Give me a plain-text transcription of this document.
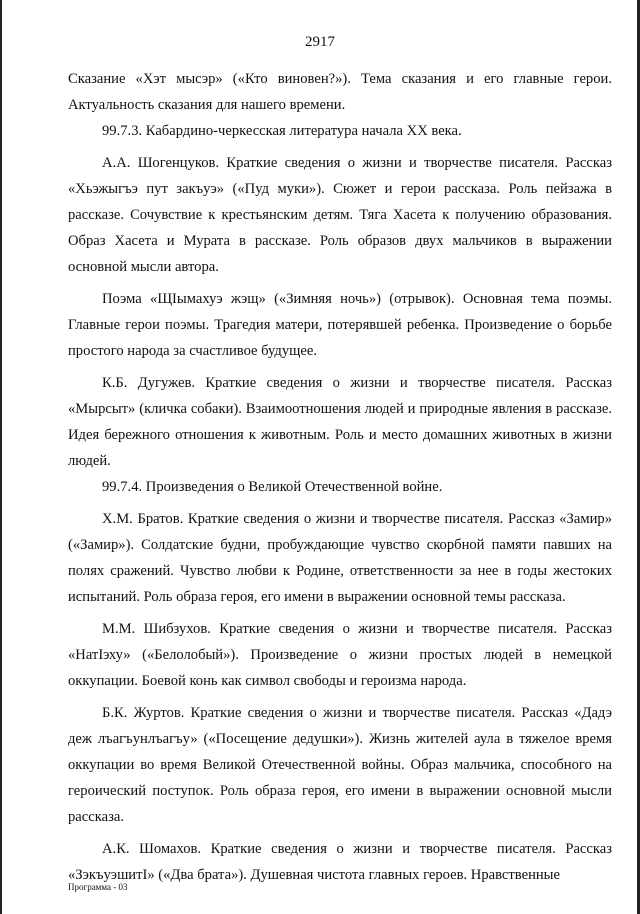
2917

Сказание «Хэт мысэр» («Кто виновен?»). Тема сказания и его главные герои. Актуальность сказания для нашего времени.

99.7.3. Кабардино-черкесская литература начала XX века.

А.А. Шогенцуков. Краткие сведения о жизни и творчестве писателя. Рассказ «Хьэжыгъэ пут закъуэ» («Пуд муки»). Сюжет и герои рассказа. Роль пейзажа в рассказе. Сочувствие к крестьянским детям. Тяга Хасета к получению образования. Образ Хасета и Мурата в рассказе. Роль образов двух мальчиков в выражении основной мысли автора.

Поэма «ЩIымахуэ жэщ» («Зимняя ночь») (отрывок). Основная тема поэмы. Главные герои поэмы. Трагедия матери, потерявшей ребенка. Произведение о борьбе простого народа за счастливое будущее.

К.Б. Дугужев. Краткие сведения о жизни и творчестве писателя. Рассказ «Мырсыт» (кличка собаки). Взаимоотношения людей и природные явления в рассказе. Идея бережного отношения к животным. Роль и место домашних животных в жизни людей.

99.7.4. Произведения о Великой Отечественной войне.

Х.М. Братов. Краткие сведения о жизни и творчестве писателя. Рассказ «Замир» («Замир»). Солдатские будни, пробуждающие чувство скорбной памяти павших на полях сражений. Чувство любви к Родине, ответственности за нее в годы жестоких испытаний. Роль образа героя, его имени в выражении основной темы рассказа.

М.М. Шибзухов. Краткие сведения о жизни и творчестве писателя. Рассказ «НатIэху» («Белолобый»). Произведение о жизни простых людей в немецкой оккупации. Боевой конь как символ свободы и героизма народа.

Б.К. Журтов. Краткие сведения о жизни и творчестве писателя. Рассказ «Дадэ деж лъагъунлъагъу» («Посещение дедушки»). Жизнь жителей аула в тяжелое время оккупации во время Великой Отечественной войны. Образ мальчика, способного на героический поступок. Роль образа героя, его имени в выражении основной мысли рассказа.

А.К. Шомахов. Краткие сведения о жизни и творчестве писателя. Рассказ «ЗэкъуэшитI» («Два брата»). Душевная чистота главных героев. Нравственные

Программа - 03
